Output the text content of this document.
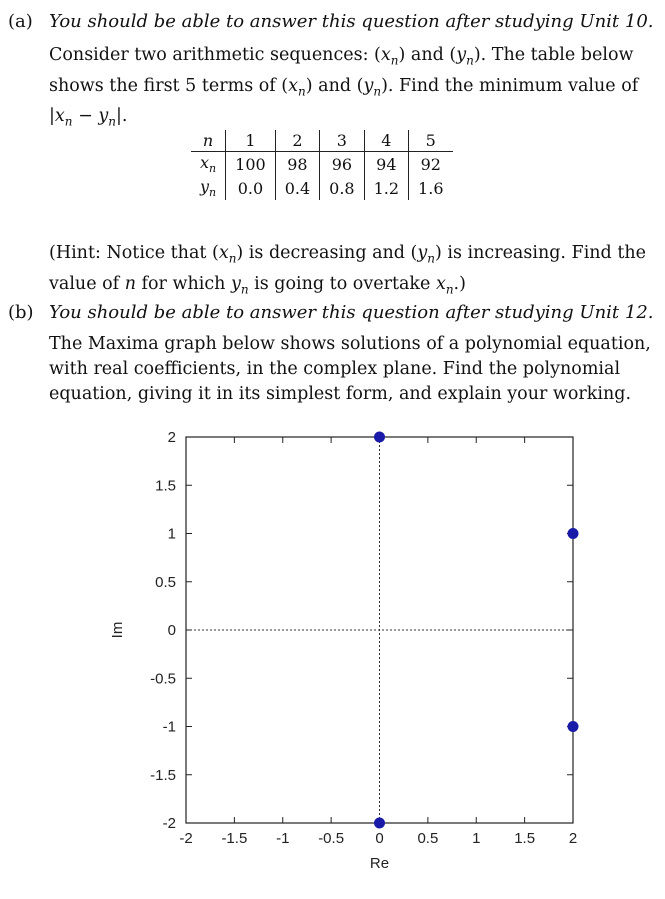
(a) You should be able to answer this question after studying Unit 10.
Consider two arithmetic sequences: $(x_n)$ and $(y_n)$. The table below
shows the first 5 terms of $(x_n)$ and $(y_n)$. Find the minimum value of
$|x_n - y_n|$.
n	1	2	3	4	5
$x_n$	100	98	96	94	92
$y_n$	0.0	0.4	0.8	1.2	1.6
(Hint: Notice that $(x_n)$ is decreasing and $(y_n)$ is increasing. Find the
value of n for which $y_n$ is going to overtake $x_n$.)
(b) You should be able to answer this question after studying Unit 12.
The Maxima graph below shows solutions of a polynomial equation,
with real coefficients, in the complex plane. Find the polynomial
equation, giving it in its simplest form, and explain your working.
-2 -1.5 -1 -0.5 0 0.5 1 1.5 2
-2
-1.5
-1
-0.5
0
0.5
1
1.5
2
Re
Im
